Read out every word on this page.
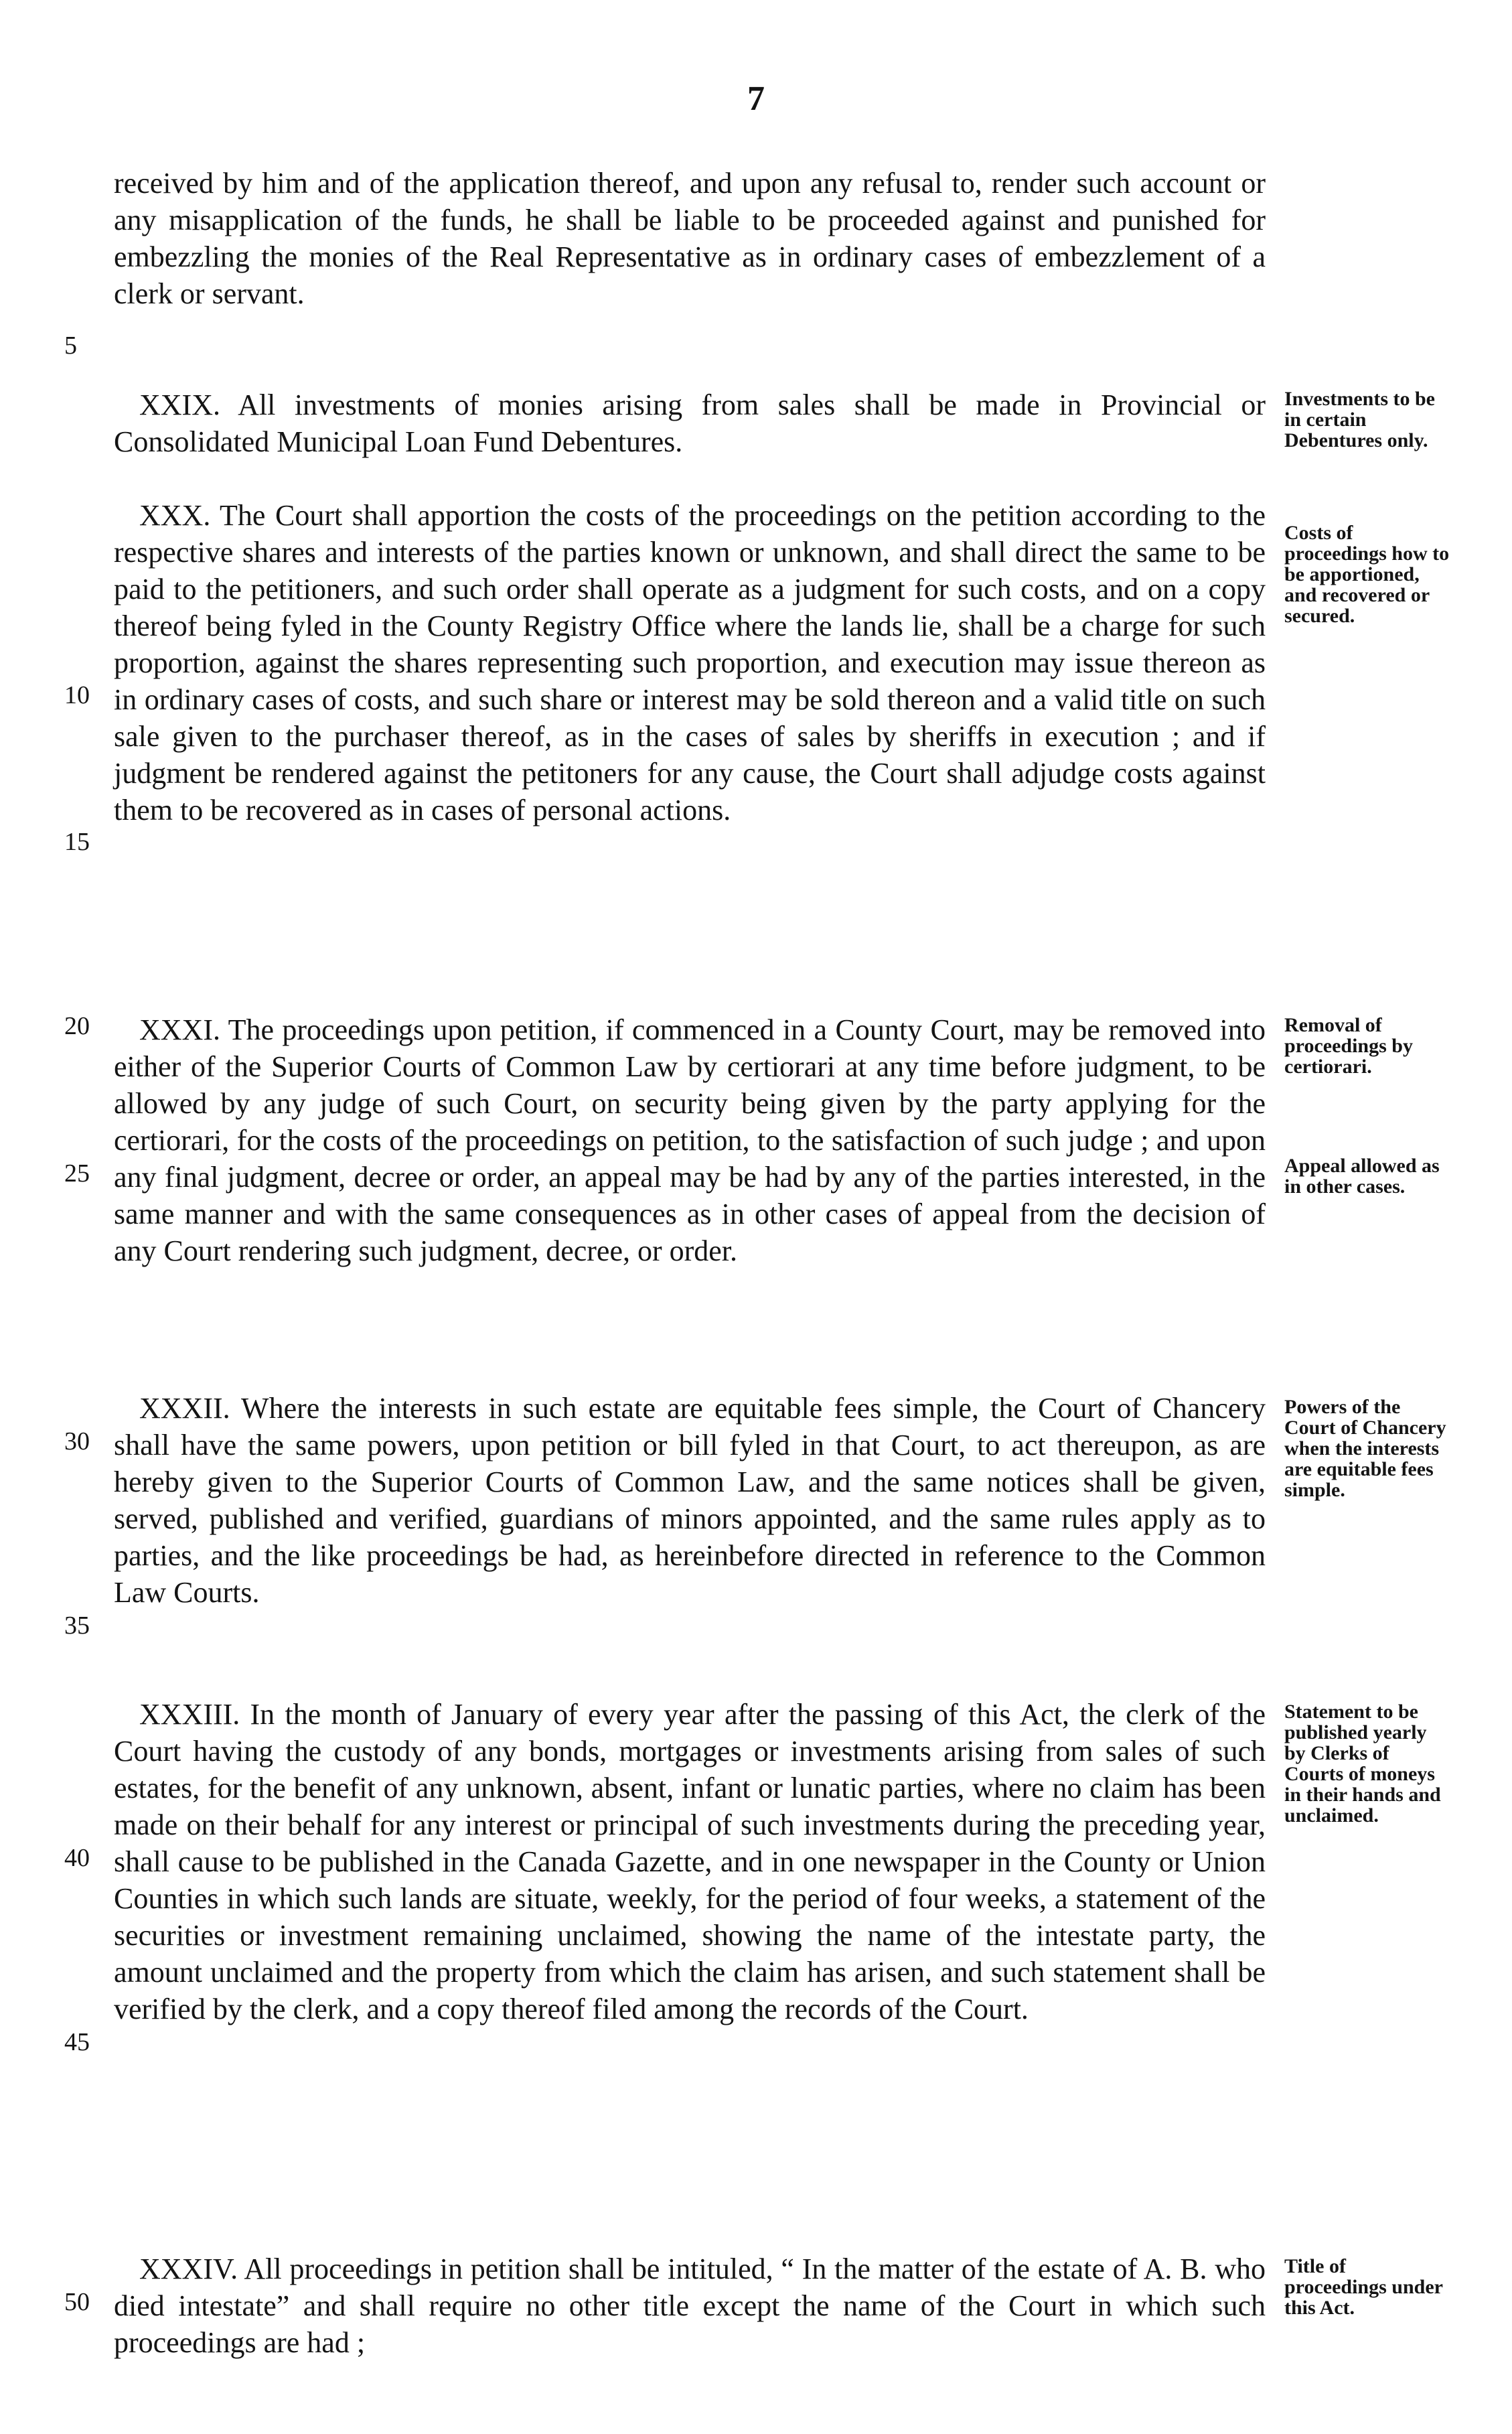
7

received by him and of the application thereof, and upon any refusal to, render such account or any misapplication of the funds, he shall be liable to be proceeded against and punished for embezzling the monies of the Real Representative as in ordinary cases of embezzlement of a clerk or servant.

XXIX. All investments of monies arising from sales shall be made in Provincial or Consolidated Municipal Loan Fund Debentures.

XXX. The Court shall apportion the costs of the proceedings on the petition according to the respective shares and interests of the parties known or unknown, and shall direct the same to be paid to the petitioners, and such order shall operate as a judgment for such costs, and on a copy thereof being fyled in the County Registry Office where the lands lie, shall be a charge for such proportion, against the shares representing such proportion, and execution may issue thereon as in ordinary cases of costs, and such share or interest may be sold thereon and a valid title on such sale given to the purchaser thereof, as in the cases of sales by sheriffs in execution ; and if judgment be rendered against the petitoners for any cause, the Court shall adjudge costs against them to be recovered as in cases of personal actions.

XXXI. The proceedings upon petition, if commenced in a County Court, may be removed into either of the Superior Courts of Common Law by certiorari at any time before judgment, to be allowed by any judge of such Court, on security being given by the party applying for the certiorari, for the costs of the proceedings on petition, to the satisfaction of such judge ; and upon any final judgment, decree or order, an appeal may be had by any of the parties interested, in the same manner and with the same consequences as in other cases of appeal from the decision of any Court rendering such judgment, decree, or order.

XXXII. Where the interests in such estate are equitable fees simple, the Court of Chancery shall have the same powers, upon petition or bill fyled in that Court, to act thereupon, as are hereby given to the Superior Courts of Common Law, and the same notices shall be given, served, published and verified, guardians of minors appointed, and the same rules apply as to parties, and the like proceedings be had, as hereinbefore directed in reference to the Common Law Courts.

XXXIII. In the month of January of every year after the passing of this Act, the clerk of the Court having the custody of any bonds, mortgages or investments arising from sales of such estates, for the benefit of any unknown, absent, infant or lunatic parties, where no claim has been made on their behalf for any interest or principal of such investments during the preceding year, shall cause to be published in the Canada Gazette, and in one newspaper in the County or Union Counties in which such lands are situate, weekly, for the period of four weeks, a statement of the securities or investment remaining unclaimed, showing the name of the intestate party, the amount unclaimed and the property from which the claim has arisen, and such statement shall be verified by the clerk, and a copy thereof filed among the records of the Court.

XXXIV. All proceedings in petition shall be intituled, “ In the matter of the estate of A. B. who died intestate” and shall require no other title except the name of the Court in which such proceedings are had ;

5
10
15
20
25
30
35
40
45
50
Investments to be in certain Debentures only.
Costs of proceedings how to be apportioned, and recovered or secured.
Removal of proceedings by certiorari.
Appeal allowed as in other cases.
Powers of the Court of Chancery when the interests are equitable fees simple.
Statement to be published yearly by Clerks of Courts of moneys in their hands and unclaimed.
Title of proceedings under this Act.
